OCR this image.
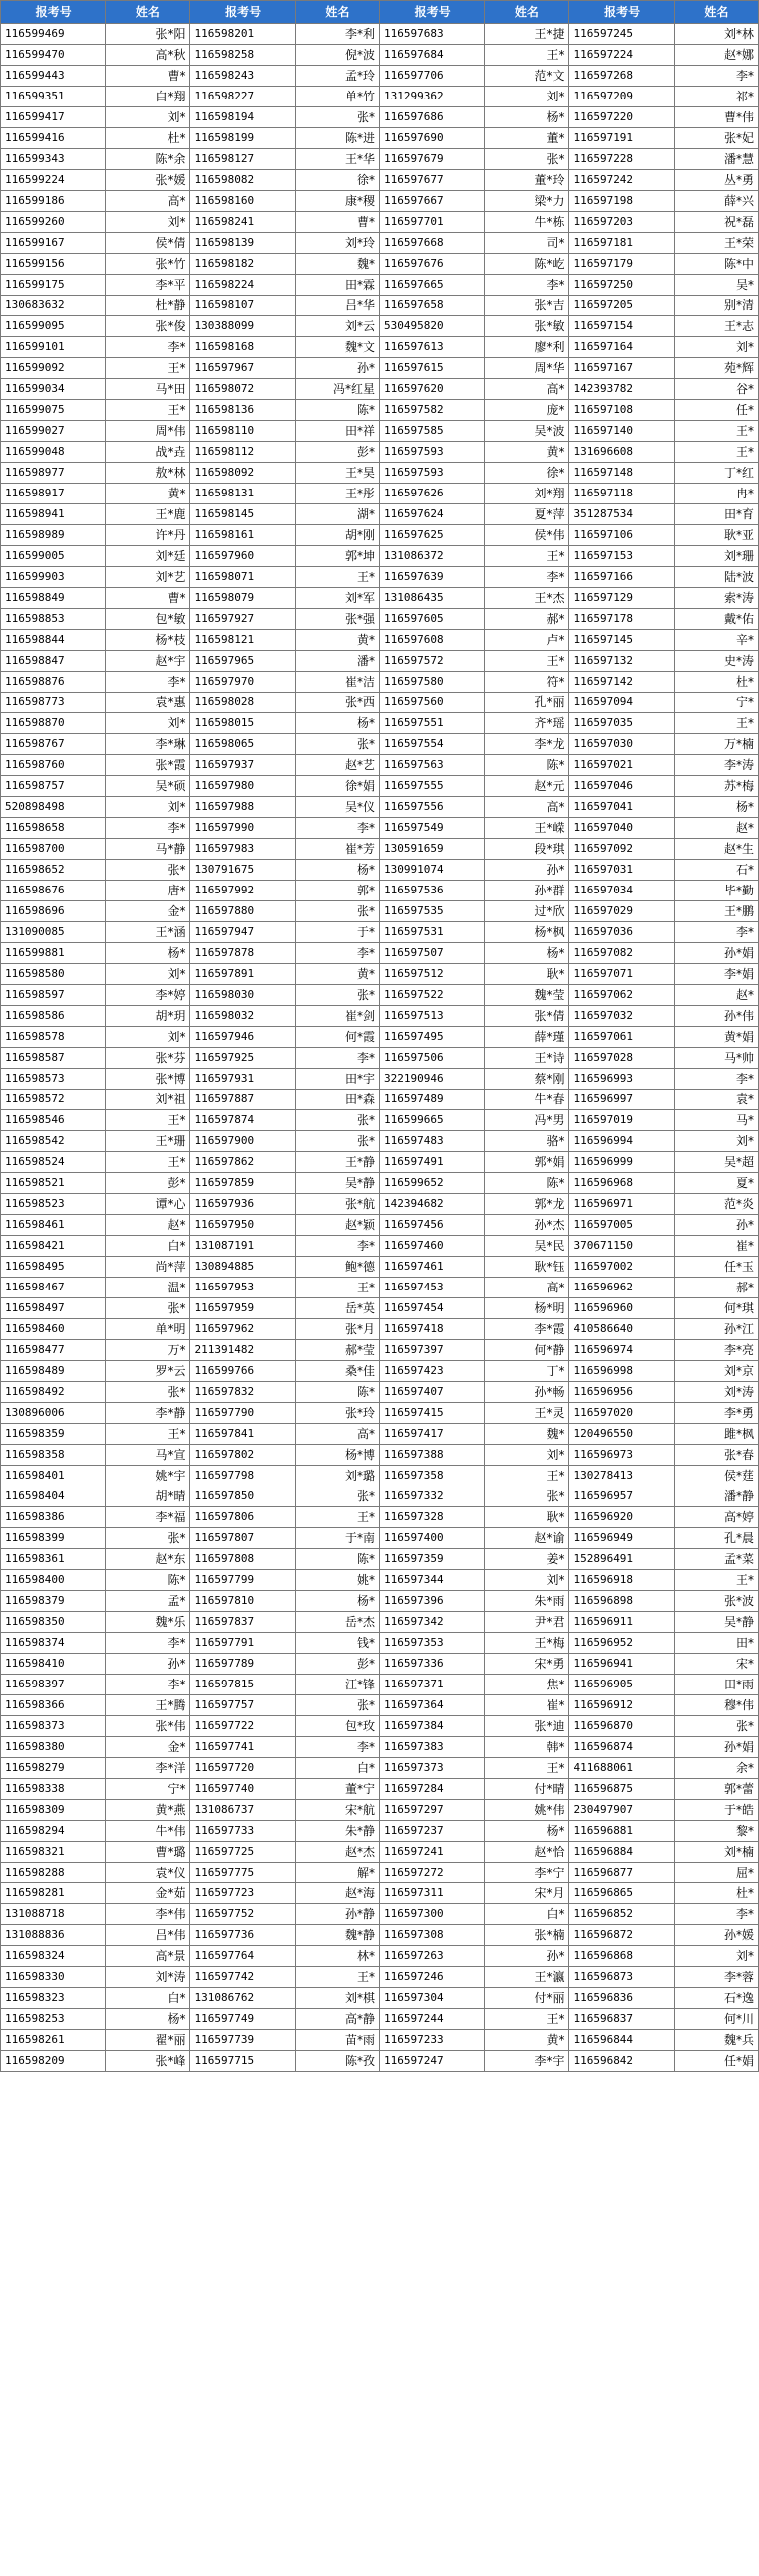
报考号	姓名	报考号	姓名	报考号	姓名	报考号	姓名
116599469	张*阳	116598201	李*利	116597683	王*捷	116597245	刘*林
116599470	高*秋	116598258	倪*波	116597684	王*	116597224	赵*娜
116599443	曹*	116598243	孟*玲	116597706	范*文	116597268	李*
116599351	白*翔	116598227	单*竹	131299362	刘*	116597209	祁*
116599417	刘*	116598194	张*	116597686	杨*	116597220	曹*伟
116599416	杜*	116598199	陈*进	116597690	董*	116597191	张*妃
116599343	陈*余	116598127	王*华	116597679	张*	116597228	潘*慧
116599224	张*媛	116598082	徐*	116597677	董*玲	116597242	丛*勇
116599186	高*	116598160	康*稷	116597667	梁*力	116597198	薛*兴
116599260	刘*	116598241	曹*	116597701	牛*栋	116597203	祝*磊
116599167	侯*倩	116598139	刘*玲	116597668	司*	116597181	王*荣
116599156	张*竹	116598182	魏*	116597676	陈*屹	116597179	陈*中
116599175	李*平	116598224	田*霖	116597665	李*	116597250	吴*
130683632	杜*静	116598107	吕*华	116597658	张*吉	116597205	别*清
116599095	张*俊	130388099	刘*云	530495820	张*敏	116597154	王*志
116599101	李*	116598168	魏*文	116597613	廖*利	116597164	刘*
116599092	王*	116597967	孙*	116597615	周*华	116597167	苑*辉
116599034	马*田	116598072	冯*红星	116597620	高*	142393782	谷*
116599075	王*	116598136	陈*	116597582	庞*	116597108	任*
116599027	周*伟	116598110	田*祥	116597585	吴*波	116597140	王*
116599048	战*垚	116598112	彭*	116597593	黄*	131696608	王*
116598977	敖*林	116598092	王*昊	116597593	徐*	116597148	丁*红
116598917	黄*	116598131	王*彤	116597626	刘*翔	116597118	冉*
116598941	王*鹿	116598145	湖*	116597624	夏*萍	351287534	田*育
116598989	许*丹	116598161	胡*刚	116597625	侯*伟	116597106	耿*亚
116599005	刘*廷	116597960	郭*坤	131086372	王*	116597153	刘*珊
116599903	刘*艺	116598071	王*	116597639	李*	116597166	陆*波
116598849	曹*	116598079	刘*军	131086435	王*杰	116597129	索*涛
116598853	包*敏	116597927	张*强	116597605	郝*	116597178	戴*佑
116598844	杨*枝	116598121	黄*	116597608	卢*	116597145	辛*
116598847	赵*宇	116597965	潘*	116597572	王*	116597132	史*涛
116598876	李*	116597970	崔*洁	116597580	符*	116597142	杜*
116598773	袁*惠	116598028	张*西	116597560	孔*丽	116597094	宁*
116598870	刘*	116598015	杨*	116597551	齐*瑶	116597035	王*
116598767	李*琳	116598065	张*	116597554	李*龙	116597030	万*楠
116598760	张*霞	116597937	赵*艺	116597563	陈*	116597021	李*涛
116598757	吴*硕	116597980	徐*娟	116597555	赵*元	116597046	苏*梅
520898498	刘*	116597988	吴*仪	116597556	高*	116597041	杨*
116598658	李*	116597990	李*	116597549	王*嵘	116597040	赵*
116598700	马*静	116597983	崔*芳	130591659	段*琪	116597092	赵*生
116598652	张*	130791675	杨*	130991074	孙*	116597031	石*
116598676	唐*	116597992	郭*	116597536	孙*群	116597034	毕*勤
116598696	金*	116597880	张*	116597535	过*欣	116597029	王*鹏
131090085	王*涵	116597947	于*	116597531	杨*枫	116597036	李*
116599881	杨*	116597878	李*	116597507	杨*	116597082	孙*娟
116598580	刘*	116597891	黄*	116597512	耿*	116597071	李*娟
116598597	李*婷	116598030	张*	116597522	魏*莹	116597062	赵*
116598586	胡*玥	116598032	崔*剑	116597513	张*倩	116597032	孙*伟
116598578	刘*	116597946	何*霞	116597495	薛*瑾	116597061	黄*娟
116598587	张*芬	116597925	李*	116597506	王*诗	116597028	马*帅
116598573	张*博	116597931	田*宇	322190946	蔡*刚	116596993	李*
116598572	刘*祖	116597887	田*森	116597489	牛*春	116596997	袁*
116598546	王*	116597874	张*	116599665	冯*男	116597019	马*
116598542	王*珊	116597900	张*	116597483	骆*	116596994	刘*
116598524	王*	116597862	王*静	116597491	郭*娟	116596999	吴*超
116598521	彭*	116597859	吴*静	116599652	陈*	116596968	夏*
116598523	谭*心	116597936	张*航	142394682	郭*龙	116596971	范*炎
116598461	赵*	116597950	赵*颖	116597456	孙*杰	116597005	孙*
116598421	白*	131087191	李*	116597460	吴*民	370671150	崔*
116598495	尚*萍	130894885	鲍*德	116597461	耿*钰	116597002	任*玉
116598467	温*	116597953	王*	116597453	高*	116596962	郝*
116598497	张*	116597959	岳*英	116597454	杨*明	116596960	何*琪
116598460	单*明	116597962	张*月	116597418	李*霞	410586640	孙*江
116598477	万*	211391482	郝*莹	116597397	何*静	116596974	李*亮
116598489	罗*云	116599766	桑*佳	116597423	丁*	116596998	刘*京
116598492	张*	116597832	陈*	116597407	孙*畅	116596956	刘*涛
130896006	李*静	116597790	张*玲	116597415	王*灵	116597020	李*勇
116598359	王*	116597841	高*	116597417	魏*	120496550	雎*枫
116598358	马*宣	116597802	杨*博	116597388	刘*	116596973	张*春
116598401	姚*宇	116597798	刘*璐	116597358	王*	130278413	侯*莛
116598404	胡*晴	116597850	张*	116597332	张*	116596957	潘*静
116598386	李*福	116597806	王*	116597328	耿*	116596920	高*婷
116598399	张*	116597807	于*南	116597400	赵*谕	116596949	孔*晨
116598361	赵*东	116597808	陈*	116597359	姜*	152896491	孟*菜
116598400	陈*	116597799	姚*	116597344	刘*	116596918	王*
116598379	孟*	116597810	杨*	116597396	朱*雨	116596898	张*波
116598350	魏*乐	116597837	岳*杰	116597342	尹*君	116596911	吴*静
116598374	李*	116597791	钱*	116597353	王*梅	116596952	田*
116598410	孙*	116597789	彭*	116597336	宋*勇	116596941	宋*
116598397	李*	116597815	汪*锋	116597371	焦*	116596905	田*雨
116598366	王*腾	116597757	张*	116597364	崔*	116596912	穆*伟
116598373	张*伟	116597722	包*玫	116597384	张*迪	116596870	张*
116598380	金*	116597741	李*	116597383	韩*	116596874	孙*娟
116598279	李*洋	116597720	白*	116597373	王*	411688061	余*
116598338	宁*	116597740	董*宁	116597284	付*晴	116596875	郭*蕾
116598309	黄*燕	131086737	宋*航	116597297	姚*伟	230497907	于*皓
116598294	牛*伟	116597733	朱*静	116597237	杨*	116596881	黎*
116598321	曹*璐	116597725	赵*杰	116597241	赵*恰	116596884	刘*楠
116598288	袁*仪	116597775	解*	116597272	李*宁	116596877	屈*
116598281	金*茹	116597723	赵*海	116597311	宋*月	116596865	杜*
131088718	李*伟	116597752	孙*静	116597300	白*	116596852	李*
131088836	吕*伟	116597736	魏*静	116597308	张*楠	116596872	孙*媛
116598324	高*景	116597764	林*	116597263	孙*	116596868	刘*
116598330	刘*涛	116597742	王*	116597246	王*瀛	116596873	李*蓉
116598323	白*	131086762	刘*棋	116597304	付*丽	116596836	石*逸
116598253	杨*	116597749	高*静	116597244	王*	116596837	何*川
116598261	翟*丽	116597739	苗*雨	116597233	黄*	116596844	魏*兵
116598209	张*峰	116597715	陈*孜	116597247	李*宇	116596842	任*娟
